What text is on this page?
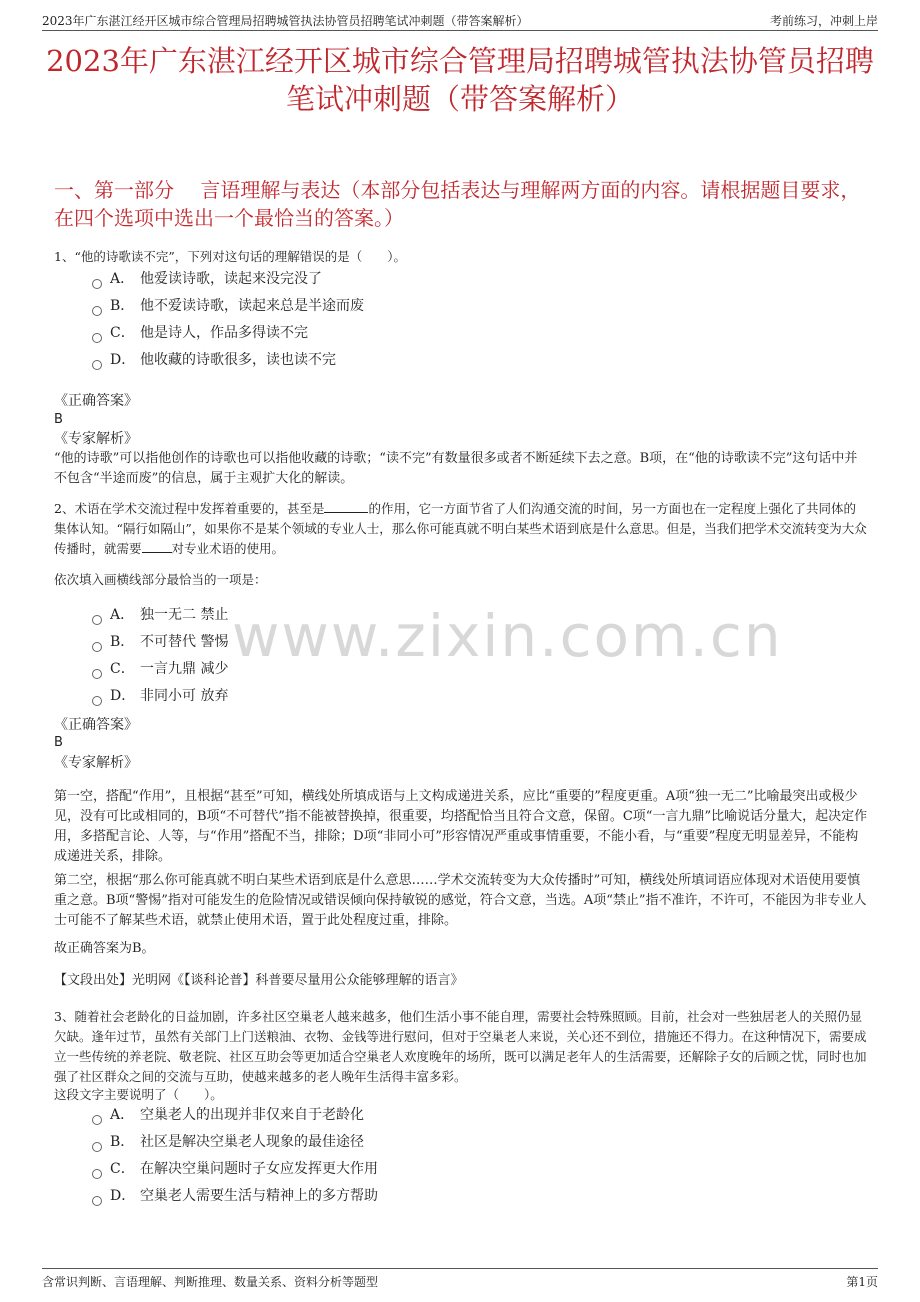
2023年广东湛江经开区城市综合管理局招聘城管执法协管员招聘笔试冲刺题（带答案解析）	考前练习，冲刺上岸
2023年广东湛江经开区城市综合管理局招聘城管执法协管员招聘笔试冲刺题（带答案解析）
一、第一部分　 言语理解与表达（本部分包括表达与理解两方面的内容。请根据题目要求，在四个选项中选出一个最恰当的答案。）
1、“他的诗歌读不完”，下列对这句话的理解错误的是（　　）。
A． 他爱读诗歌，读起来没完没了
B． 他不爱读诗歌，读起来总是半途而废
C． 他是诗人，作品多得读不完
D． 他收藏的诗歌很多，读也读不完
《正确答案》
B
《专家解析》
“他的诗歌”可以指他创作的诗歌也可以指他收藏的诗歌；“读不完”有数量很多或者不断延续下去之意。B项，在“他的诗歌读不完”这句话中并不包含“半途而废”的信息，属于主观扩大化的解读。
2、术语在学术交流过程中发挥着重要的，甚至是	的作用，它一方面节省了人们沟通交流的时间，另一方面也在一定程度上强化了共同体的集体认知。“隔行如隔山”，如果你不是某个领域的专业人士，那么你可能真就不明白某些术语到底是什么意思。但是，当我们把学术交流转变为大众传播时，就需要 对专业术语的使用。
依次填入画横线部分最恰当的一项是：
A． 独一无二 禁止
B． 不可替代 警惕
C． 一言九鼎 减少
D． 非同小可 放弃
《正确答案》
B
《专家解析》
第一空，搭配“作用”，且根据“甚至”可知，横线处所填成语与上文构成递进关系，应比“重要的”程度更重。A项“独一无二”比喻最突出或极少见，没有可比或相同的，B项“不可替代”指不能被替换掉，很重要，均搭配恰当且符合文意，保留。C项“一言九鼎”比喻说话分量大，起决定作用，多搭配言论、人等，与“作用”搭配不当，排除；D项“非同小可”形容情况严重或事情重要，不能小看，与“重要”程度无明显差异，不能构成递进关系，排除。
第二空，根据“那么你可能真就不明白某些术语到底是什么意思……学术交流转变为大众传播时”可知，横线处所填词语应体现对术语使用要慎重之意。B项“警惕”指对可能发生的危险情况或错误倾向保持敏锐的感觉，符合文意，当选。A项“禁止”指不准许，不许可，不能因为非专业人士可能不了解某些术语，就禁止使用术语，置于此处程度过重，排除。
故正确答案为B。
【文段出处】光明网《【谈科论普】科普要尽量用公众能够理解的语言》
3、随着社会老龄化的日益加剧，许多社区空巢老人越来越多，他们生活小事不能自理，需要社会特殊照顾。目前，社会对一些独居老人的关照仍显欠缺。逢年过节，虽然有关部门上门送粮油、衣物、金钱等进行慰问，但对于空巢老人来说，关心还不到位，措施还不得力。在这种情况下，需要成立一些传统的养老院、敬老院、社区互助会等更加适合空巢老人欢度晚年的场所，既可以满足老年人的生活需要，还解除子女的后顾之忧，同时也加强了社区群众之间的交流与互助，使越来越多的老人晚年生活得丰富多彩。
这段文字主要说明了（　　）。
A． 空巢老人的出现并非仅来自于老龄化
B． 社区是解决空巢老人现象的最佳途径
C． 在解决空巢问题时子女应发挥更大作用
D． 空巢老人需要生活与精神上的多方帮助
www.zixin.com.cn
含常识判断、言语理解、判断推理、数量关系、资料分析等题型	第1页
